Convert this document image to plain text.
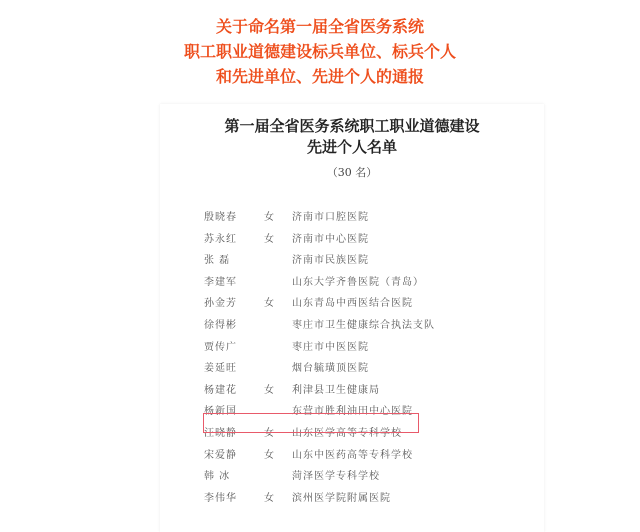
关于命名第一届全省医务系统
职工职业道德建设标兵单位、标兵个人
和先进单位、先进个人的通报
第一届全省医务系统职工职业道德建设
先进个人名单
（30 名）
殷晓春	女 济南市口腔医院
苏永红	女 济南市中心医院
张 磊	济南市民族医院
李建军	山东大学齐鲁医院（青岛）
孙金芳	女 山东青岛中西医结合医院
徐得彬	枣庄市卫生健康综合执法支队
贾传广	枣庄市中医医院
姜延旺	烟台毓璜顶医院
杨建花	女 利津县卫生健康局
杨新国	东营市胜利油田中心医院
汪晓静	女 山东医学高等专科学校
宋爱静	女 山东中医药高等专科学校
韩 冰	菏泽医学专科学校
李伟华	女 滨州医学院附属医院
